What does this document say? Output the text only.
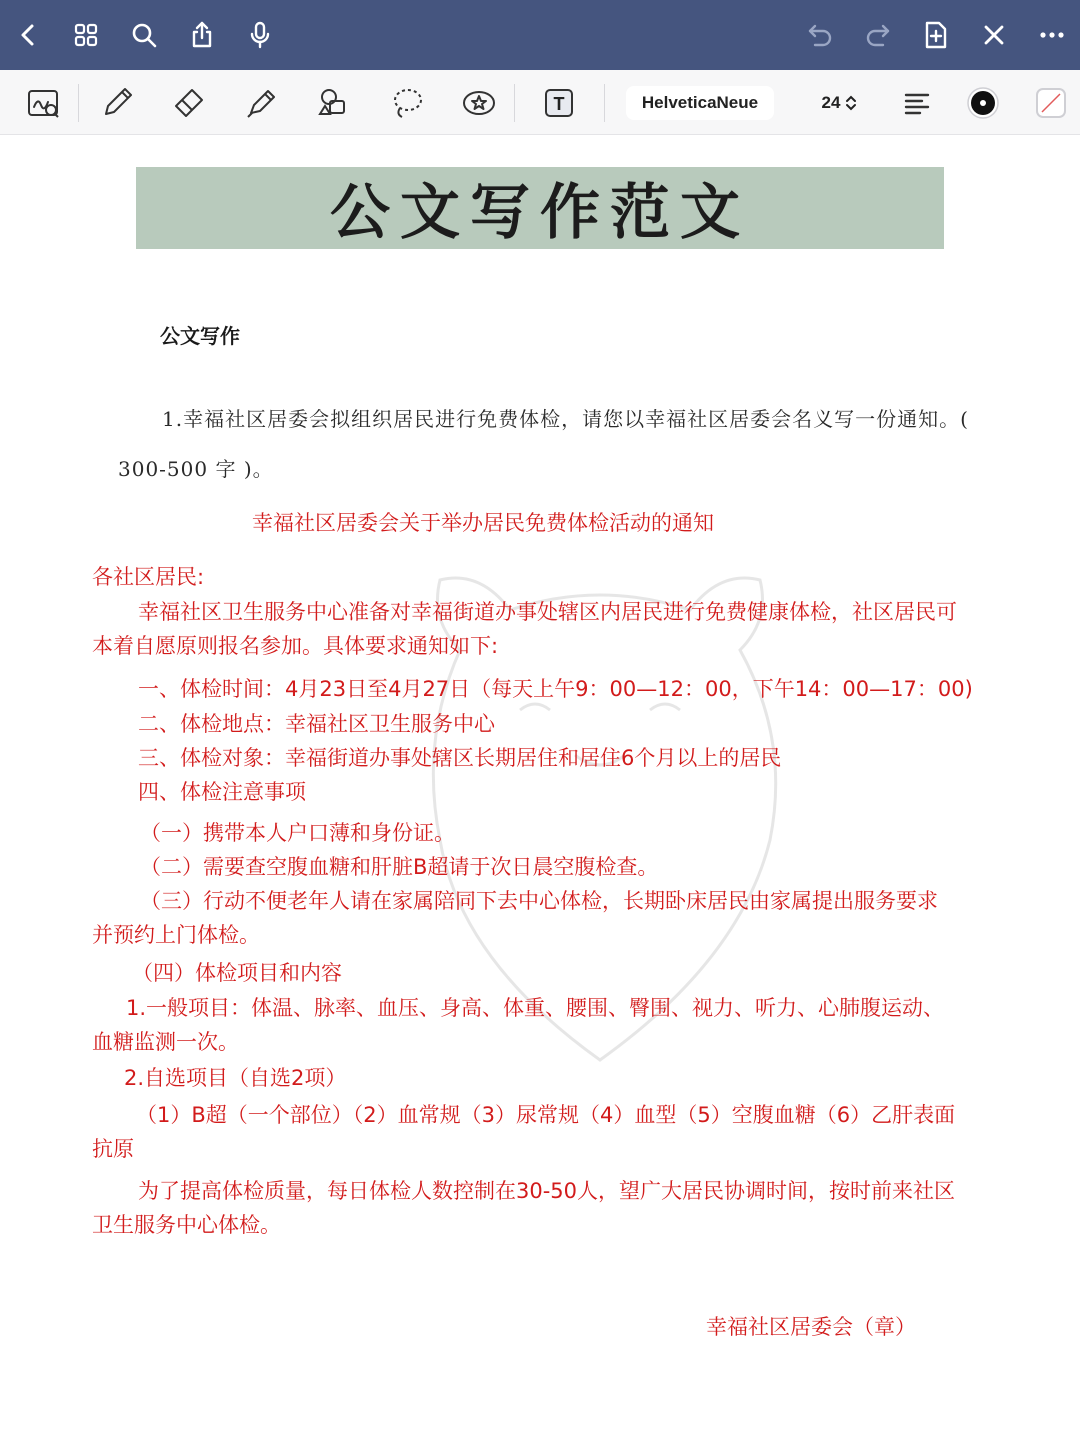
T	HelveticaNeue	24
公文写作范文
公文写作
1.幸福社区居委会拟组织居民进行免费体检，请您以幸福社区居委会名义写一份通知。( 300-500 字 )。
幸福社区居委会关于举办居民免费体检活动的通知
各社区居民:
幸福社区卫生服务中心准备对幸福街道办事处辖区内居民进行免费健康体检，社区居民可本着自愿原则报名参加。具体要求通知如下:
一、体检时间：4月23日至4月27日（每天上午9：00—12：00，下午14：00—17：00)
二、体检地点：幸福社区卫生服务中心
三、体检对象：幸福街道办事处辖区长期居住和居住6个月以上的居民
四、体检注意事项
（一）携带本人户口薄和身份证。
（二）需要查空腹血糖和肝脏B超请于次日晨空腹检查。
（三）行动不便老年人请在家属陪同下去中心体检，长期卧床居民由家属提出服务要求并预约上门体检。
（四）体检项目和内容
1.一般项目：体温、脉率、血压、身高、体重、腰围、臀围、视力、听力、心肺腹运动、血糖监测一次。
2.自选项目（自选2项）
（1）B超（一个部位）（2）血常规（3）尿常规（4）血型（5）空腹血糖（6）乙肝表面抗原
为了提高体检质量，每日体检人数控制在30-50人，望广大居民协调时间，按时前来社区卫生服务中心体检。
幸福社区居委会（章）
